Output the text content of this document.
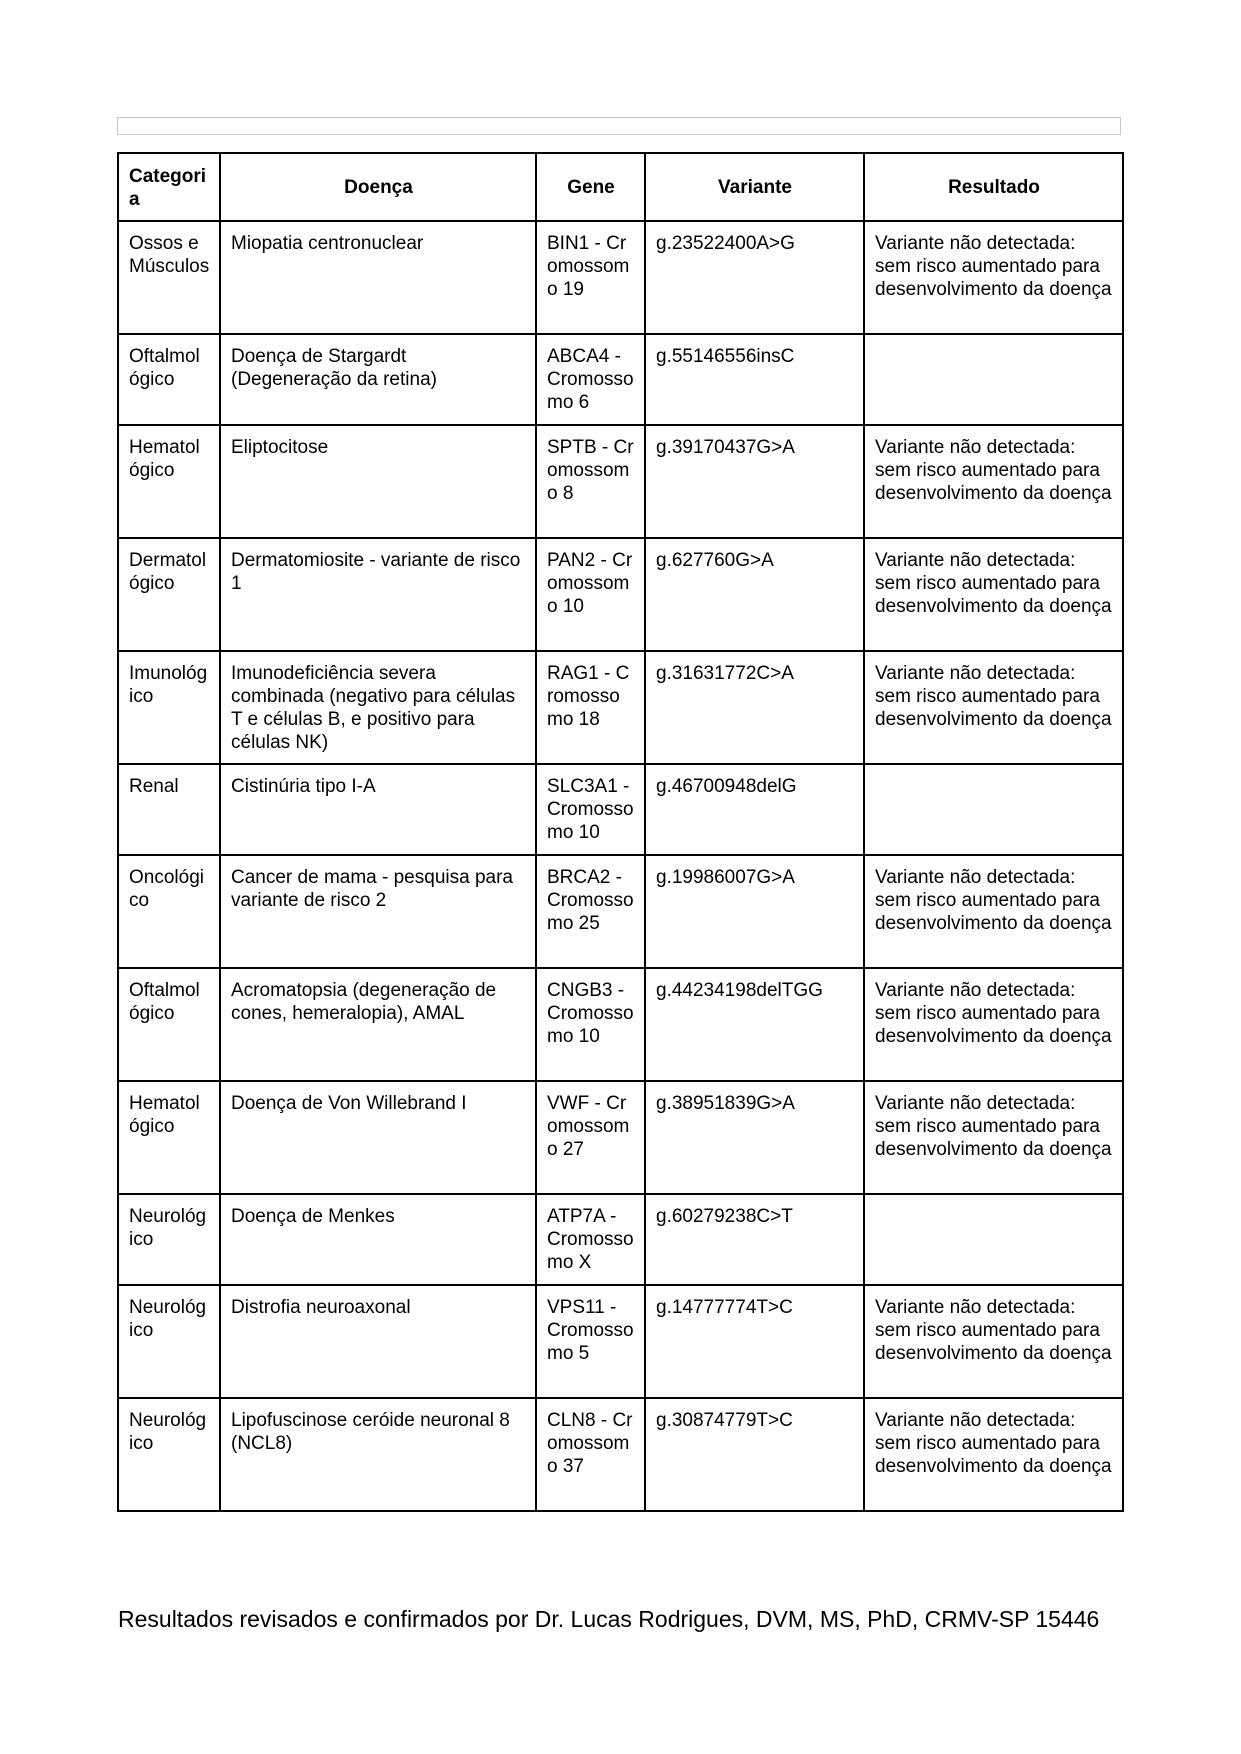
Categoria	Doença	Gene	Variante	Resultado
Ossos e Músculos	Miopatia centronuclear	BIN1 - Cromossomo 19	g.23522400A>G	Variante não detectada: sem risco aumentado para desenvolvimento da doença
Oftalmológico	Doença de Stargardt (Degeneração da retina)	ABCA4 - Cromossomo 6	g.55146556insC	
Hematológico	Eliptocitose	SPTB - Cromossomo 8	g.39170437G>A	Variante não detectada: sem risco aumentado para desenvolvimento da doença
Dermatológico	Dermatomiosite - variante de risco 1	PAN2 - Cromossomo 10	g.627760G>A	Variante não detectada: sem risco aumentado para desenvolvimento da doença
Imunológico	Imunodeficiência severa combinada (negativo para células T e células B, e positivo para células NK)	RAG1 - Cromossomo 18	g.31631772C>A	Variante não detectada: sem risco aumentado para desenvolvimento da doença
Renal	Cistinúria tipo I-A	SLC3A1 - Cromossomo 10	g.46700948delG	
Oncológico	Cancer de mama - pesquisa para variante de risco 2	BRCA2 - Cromossomo 25	g.19986007G>A	Variante não detectada: sem risco aumentado para desenvolvimento da doença
Oftalmológico	Acromatopsia (degeneração de cones, hemeralopia), AMAL	CNGB3 - Cromossomo 10	g.44234198delTGG	Variante não detectada: sem risco aumentado para desenvolvimento da doença
Hematológico	Doença de Von Willebrand I	VWF - Cromossomo 27	g.38951839G>A	Variante não detectada: sem risco aumentado para desenvolvimento da doença
Neurológico	Doença de Menkes	ATP7A - Cromossomo X	g.60279238C>T	
Neurológico	Distrofia neuroaxonal	VPS11 - Cromossomo 5	g.14777774T>C	Variante não detectada: sem risco aumentado para desenvolvimento da doença
Neurológico	Lipofuscinose ceróide neuronal 8 (NCL8)	CLN8 - Cromossomo 37	g.30874779T>C	Variante não detectada: sem risco aumentado para desenvolvimento da doença
Resultados revisados e confirmados por Dr. Lucas Rodrigues, DVM, MS, PhD, CRMV-SP 15446
